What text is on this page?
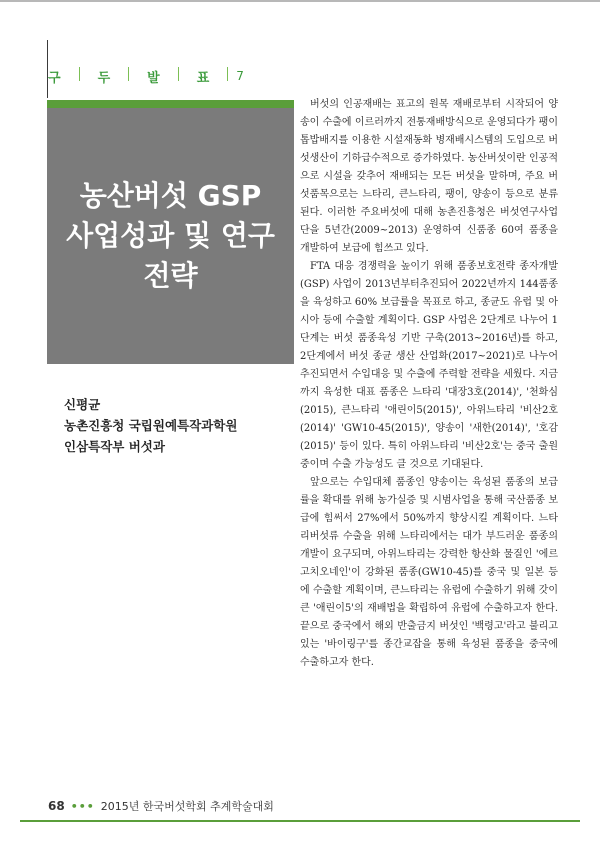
구	두	발	표 7
농산버섯 GSP
사업성과 및 연구
전략
신평균
농촌진흥청 국립원예특작과학원
인삼특작부 버섯과

버섯의 인공재배는 표고의 원목 재배로부터 시작되어 양송이 수출에 이르러까지 전통재배방식으로 운영되다가 팽이 톱밥배지를 이용한 시설재동화 병재배시스템의 도입으로 버섯생산이 기하급수적으로 증가하였다. 농산버섯이란 인공적으로 시설을 갖추어 재배되는 모든 버섯을 말하며, 주요 버섯품목으로는 느타리, 큰느타리, 팽이, 양송이 등으로 분류된다. 이러한 주요버섯에 대해 농촌진흥청은 버섯연구사업단을 5년간(2009~2013) 운영하여 신품종 60여 품종을 개발하여 보급에 힘쓰고 있다.

FTA 대응 경쟁력을 높이기 위해 품종보호전략 종자개발(GSP) 사업이 2013년부터추진되어 2022년까지 144품종을 육성하고 60% 보급률을 목표로 하고, 종균도 유럽 및 아시아 등에 수출할 계획이다. GSP 사업은 2단계로 나누어 1단계는 버섯 품종육성 기반 구축(2013~2016년)를 하고, 2단계에서 버섯 종균 생산 산업화(2017~2021)로 나누어 추진되면서 수입대응 및 수출에 주력할 전략을 세웠다. 지금까지 육성한 대표 품종은 느타리 '대장3호(2014)', '천화심(2015), 큰느타리 '애린이5(2015)', 아위느타리 '비산2호(2014)' 'GW10-45(2015)', 양송이 '새한(2014)', '호감(2015)' 등이 있다. 특히 아위느타리 '비산2호'는 중국 출원중이며 수출 가능성도 클 것으로 기대된다.

앞으로는 수입대체 품종인 양송이는 육성된 품종의 보급률을 확대를 위해 농가실증 및 시범사업을 통해 국산품종 보급에 힘써서 27%에서 50%까지 향상시킬 계획이다. 느타리버섯류 수출을 위해 느타리에서는 대가 부드러운 품종의 개발이 요구되며, 아위느타리는 강력한 항산화 물질인 '에르고치오네인'이 강화된 품종(GW10-45)를 중국 및 일본 등에 수출할 계획이며, 큰느타리는 유럽에 수출하기 위해 갓이 큰 '애린이5'의 재배법을 확립하여 유럽에 수출하고자 한다. 끝으로 중국에서 해외 반출금지 버섯인 '백령고'라고 불리고 있는 '바이링구'를 종간교잡을 통해 육성된 품종을 중국에 수출하고자 한다.

68 ••• 2015년 한국버섯학회 추계학술대회
